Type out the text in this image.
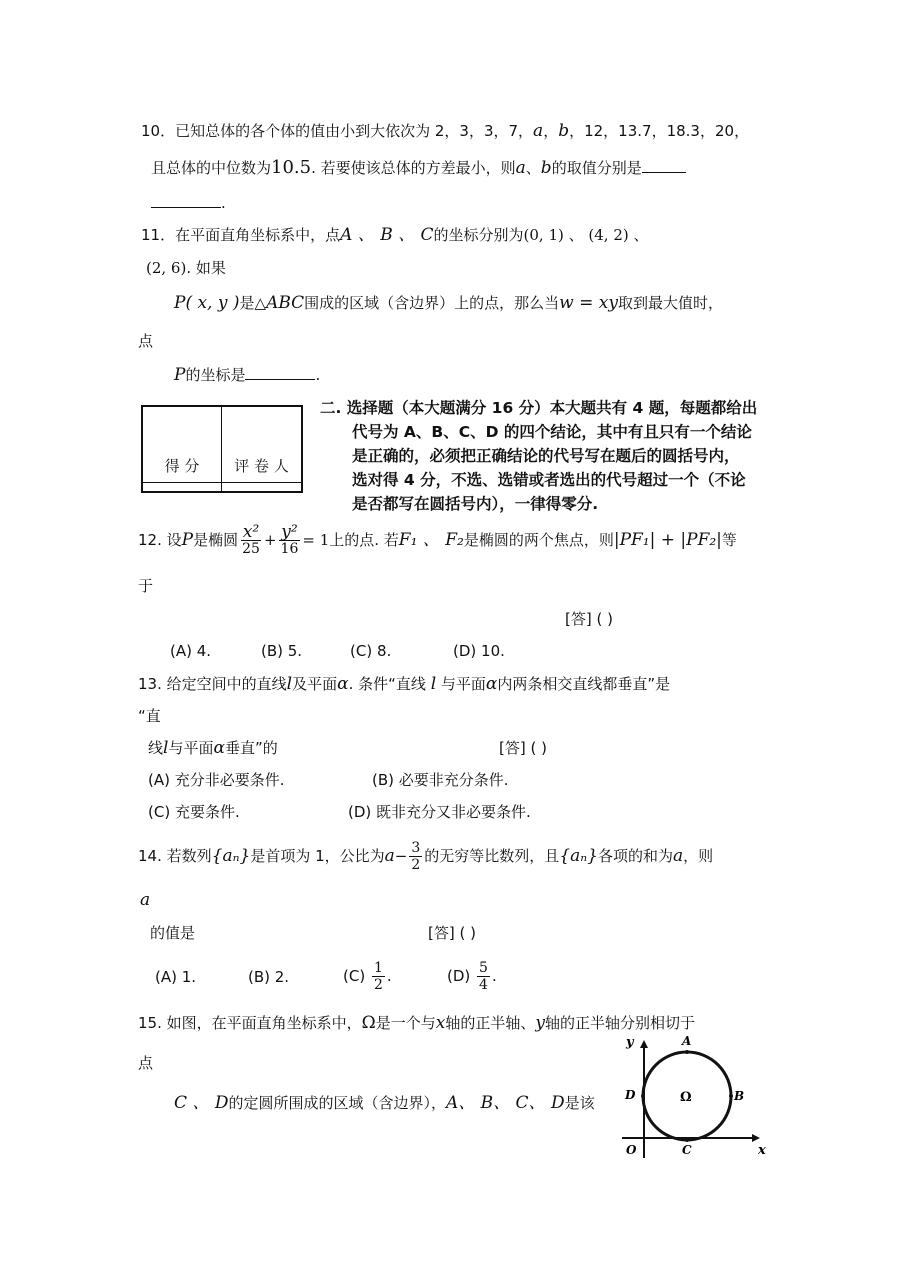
10．已知总体的各个体的值由小到大依次为 2，3，3，7，a，b，12，13.7，18.3，20，
且总体的中位数为10.5. 若要使该总体的方差最小，则a、b的取值分别是
.
11．在平面直角坐标系中，点A 、 B 、 C的坐标分别为(0, 1) 、 (4, 2) 、
(2, 6). 如果
P( x, y )是△ABC围成的区域（含边界）上的点，那么当w = xy取到最大值时，
点
P的坐标是	.
得 分	评 卷 人

二. 选择题（本大题满分 16 分）本大题共有 4 题，每题都给出
代号为 A、B、C、D 的四个结论，其中有且只有一个结论
是正确的，必须把正确结论的代号写在题后的圆括号内，
选对得 4 分，不选、选错或者选出的代号超过一个（不论
是否都写在圆括号内），一律得零分.
12. 设P是椭圆 $\frac{\text{x²}}{25} + \frac{\text{y²}}{16} = 1$上的点. 若F₁ 、 F₂是椭圆的两个焦点，则|PF₁| + |PF₂|等
于
[答] ( )
(A) 4.	(B) 5.	(C) 8.	(D) 10.
13. 给定空间中的直线l及平面α. 条件“直线 l 与平面α内两条相交直线都垂直”是
“直
线l与平面α垂直”的	[答] ( )
(A) 充分非必要条件.	(B) 必要非充分条件.
(C) 充要条件.	(D) 既非充分又非必要条件.
14. 若数列{aₙ}是首项为 1，公比为$a- \frac{3}{2}$ 的无穷等比数列，且{aₙ}各项的和为a，则
a
的值是	[答] ( )
(A) 1.	(B) 2.	$(C) \frac{1}{2}$ .	$(D) \frac{5}{4}$ .
15. 如图，在平面直角坐标系中，Ω是一个与x轴的正半轴、y轴的正半轴分别相切于
点
C 、 D的定圆所围成的区域（含边界），A、 B、 C、 D是该
y
x
O
A
B
C
D	Ω
